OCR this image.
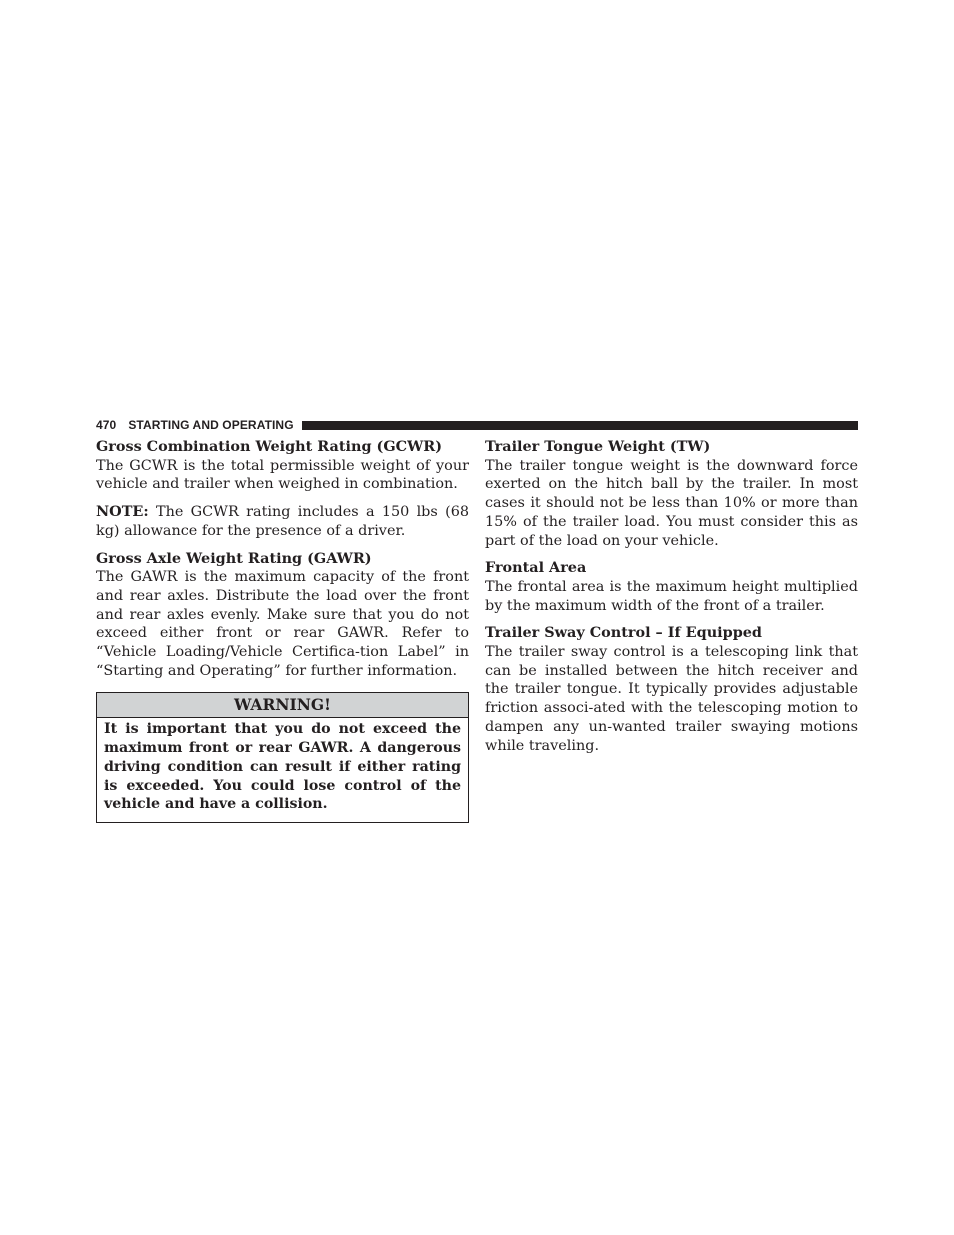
470 STARTING AND OPERATING
Gross Combination Weight Rating (GCWR)

The GCWR is the total permissible weight of your vehicle and trailer when weighed in combination.

NOTE: The GCWR rating includes a 150 lbs (68 kg) allowance for the presence of a driver.

Gross Axle Weight Rating (GAWR)

The GAWR is the maximum capacity of the front and rear axles. Distribute the load over the front and rear axles evenly. Make sure that you do not exceed either front or rear GAWR. Refer to “Vehicle Loading/Vehicle Certifica-tion Label” in “Starting and Operating” for further information.

WARNING!
It is important that you do not exceed the maximum front or rear GAWR. A dangerous driving condition can result if either rating is exceeded. You could lose control of the vehicle and have a collision.
Trailer Tongue Weight (TW)

The trailer tongue weight is the downward force exerted on the hitch ball by the trailer. In most cases it should not be less than 10% or more than 15% of the trailer load. You must consider this as part of the load on your vehicle.

Frontal Area

The frontal area is the maximum height multiplied by the maximum width of the front of a trailer.

Trailer Sway Control – If Equipped

The trailer sway control is a telescoping link that can be installed between the hitch receiver and the trailer tongue. It typically provides adjustable friction associ-ated with the telescoping motion to dampen any un-wanted trailer swaying motions while traveling.
